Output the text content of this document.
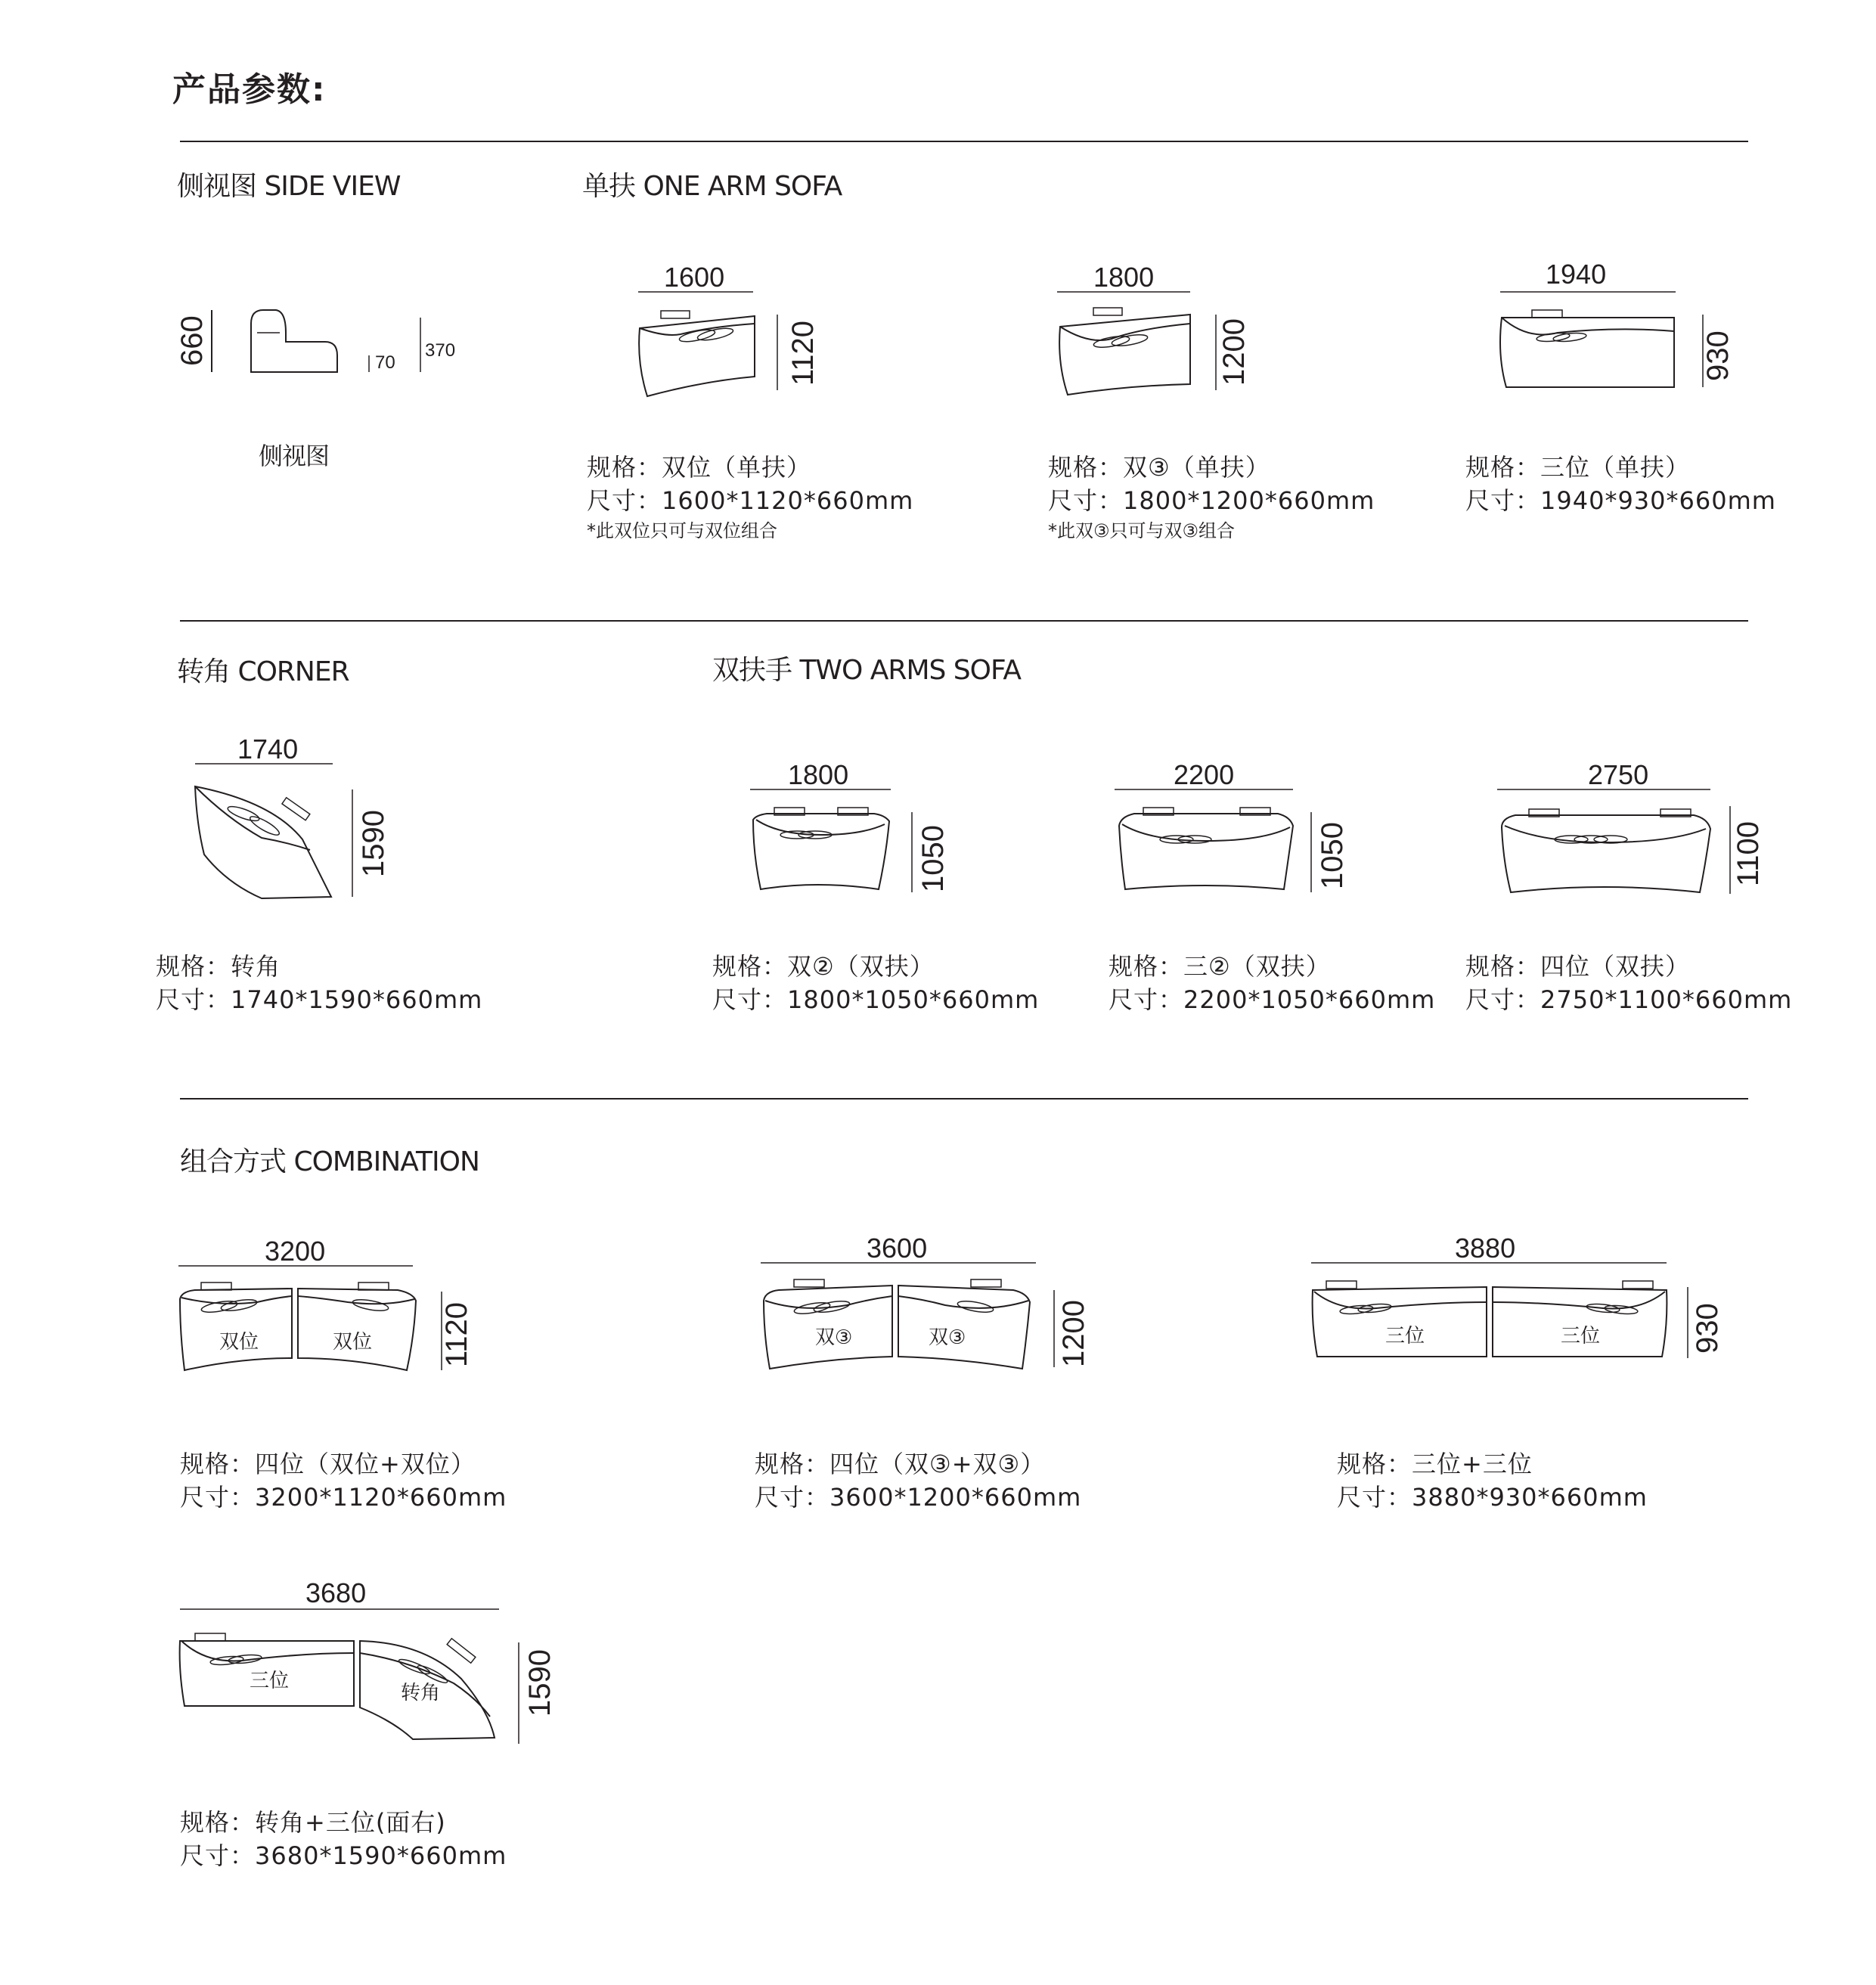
产品参数:
侧视图 SIDE VIEW
660	70
370
侧视图
单扶 ONE ARM SOFA
1600
1120
规格：双位（单扶）
尺寸：1600*1120*660mm
*此双位只可与双位组合
1800
1200
规格：双③（单扶）
尺寸：1800*1200*660mm
*此双③只可与双③组合
1940
930
规格：三位（单扶）
尺寸：1940*930*660mm
转角 CORNER
1740
1590
规格：转角
尺寸：1740*1590*660mm
双扶手 TWO ARMS SOFA
1800
1050
规格：双②（双扶）
尺寸：1800*1050*660mm
2200
1050
规格：三②（双扶）
尺寸：2200*1050*660mm
2750
1100
规格：四位（双扶）
尺寸：2750*1100*660mm
组合方式 COMBINATION
3200
1120
双位	双位
规格：四位（双位+双位）
尺寸：3200*1120*660mm
3600
1200
双③	双③
规格：四位（双③+双③）
尺寸：3600*1200*660mm
3880
930
三位	三位
规格：三位+三位
尺寸：3880*930*660mm
3680
1590
三位
转角
规格：转角+三位(面右)
尺寸：3680*1590*660mm
